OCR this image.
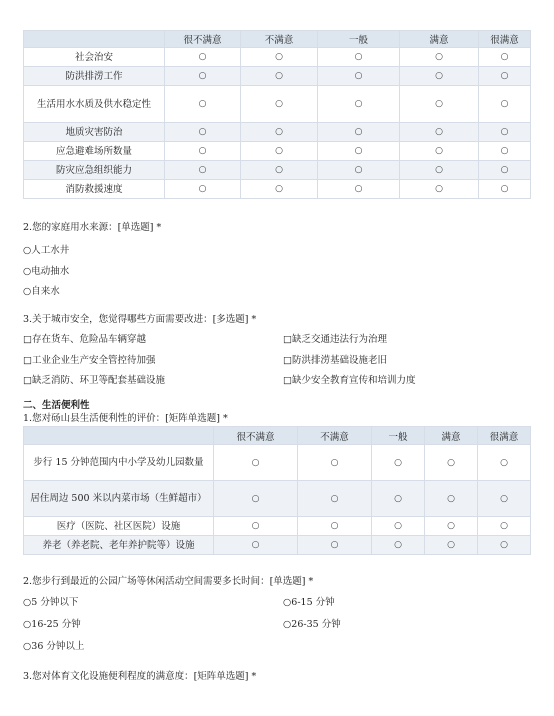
	很不满意	不满意	一般	满意	很满意
社会治安	○	○	○	○	○
防洪排涝工作	○	○	○	○	○
生活用水水质及供水稳定性	○	○	○	○	○
地质灾害防治	○	○	○	○	○
应急避难场所数量	○	○	○	○	○
防灾应急组织能力	○	○	○	○	○
消防救援速度	○	○	○	○	○
2.您的家庭用水来源：[单选题] *
○人工水井
○电动抽水
○自来水
3.关于城市安全，您觉得哪些方面需要改进：[多选题] *
□存在货车、危险品车辆穿越	□缺乏交通违法行为治理
□工业企业生产安全管控待加强	□防洪排涝基础设施老旧
□缺乏消防、环卫等配套基础设施	□缺少安全教育宣传和培训力度
二、生活便利性
1.您对砀山县生活便利性的评价：[矩阵单选题] *
	很不满意	不满意	一般	满意	很满意
步行 15 分钟范围内中小学及幼儿园数量	○	○	○	○	○
居住周边 500 米以内菜市场（生鲜超市）	○	○	○	○	○
医疗（医院、社区医院）设施	○	○	○	○	○
养老（养老院、老年养护院等）设施	○	○	○	○	○
2.您步行到最近的公园广场等休闲活动空间需要多长时间：[单选题] *
○5 分钟以下	○6-15 分钟
○16-25 分钟	○26-35 分钟
○36 分钟以上
3.您对体育文化设施便利程度的满意度：[矩阵单选题] *
